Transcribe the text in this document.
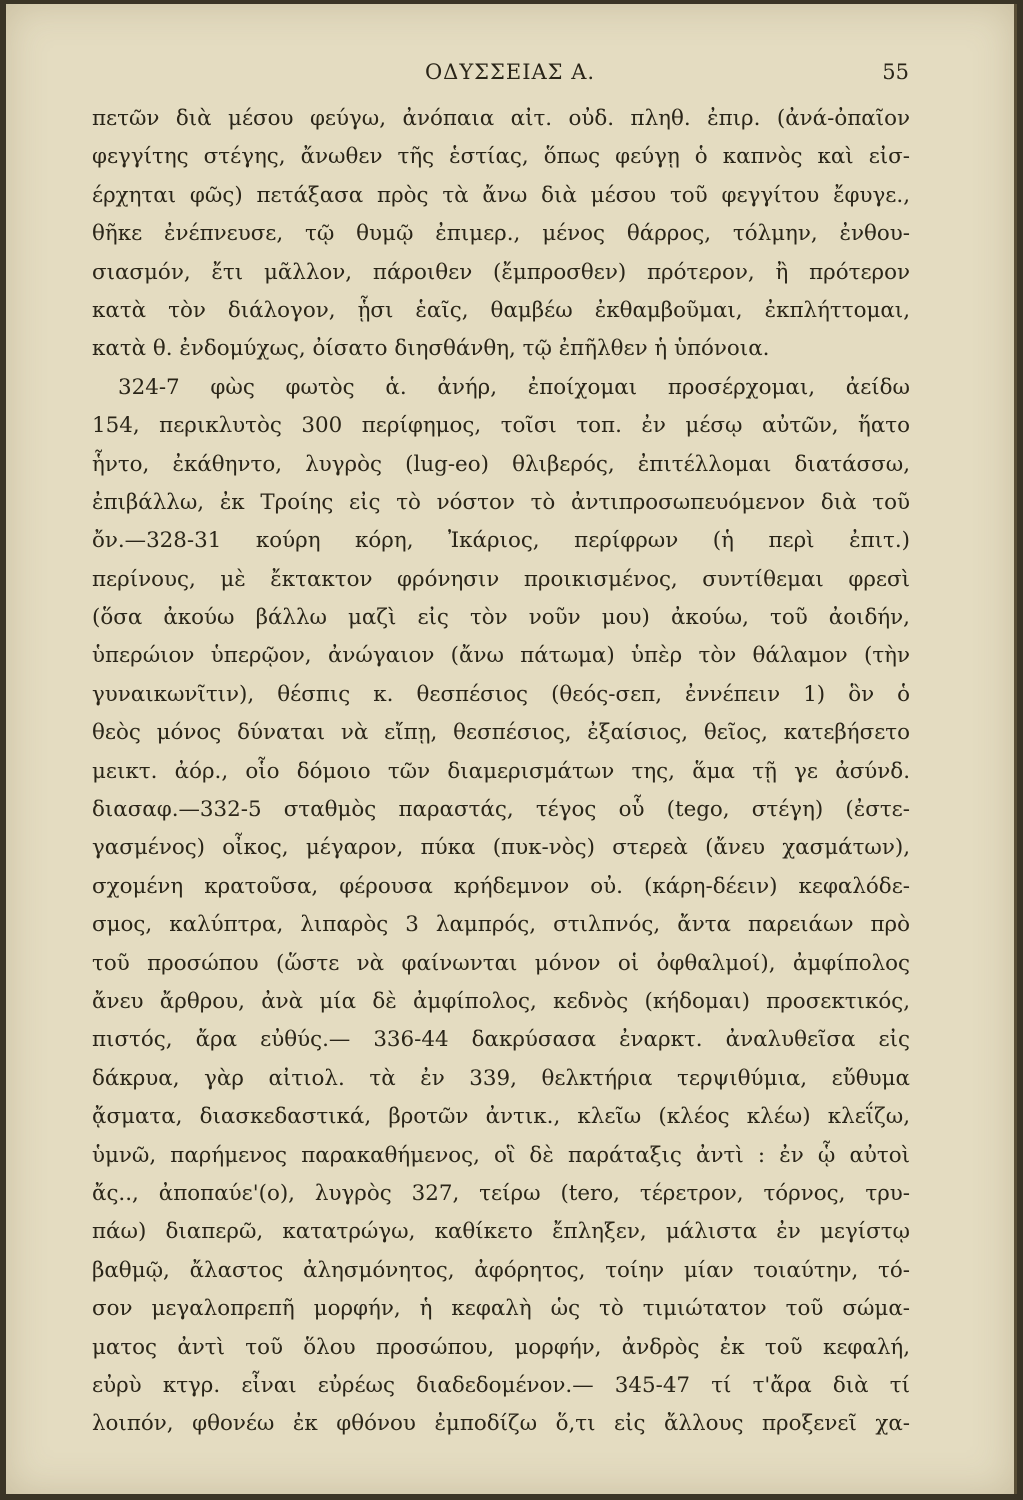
ΟΔΥΣΣΕΙΑΣ Α.	55
πετῶν διὰ μέσου φεύγω, ἀνόπαια αἰτ. οὐδ. πληθ. ἐπιρ. (ἀνά-ὀπαῖον
φεγγίτης στέγης, ἄνωθεν τῆς ἑστίας, ὅπως φεύγῃ ὁ καπνὸς καὶ εἰσ-
έρχηται φῶς) πετάξασα πρὸς τὰ ἄνω διὰ μέσου τοῦ φεγγίτου ἔφυγε.,
θῆκε ἐνέπνευσε, τῷ θυμῷ ἐπιμερ., μένος θάρρος, τόλμην, ἐνθου-
σιασμόν, ἔτι μᾶλλον, πάροιθεν (ἔμπροσθεν) πρότερον, ἢ πρότερον
κατὰ τὸν διάλογον, ᾗσι ἑαῖς, θαμβέω ἐκθαμβοῦμαι, ἐκπλήττομαι,
κατὰ θ. ἐνδομύχως, ὀίσατο διησθάνθη, τῷ ἐπῆλθεν ἡ ὑπόνοια.
324-7 φὼς φωτὸς ἁ. ἀνήρ, ἐποίχομαι προσέρχομαι, ἀείδω
154, περικλυτὸς 300 περίφημος, τοῖσι τοπ. ἐν μέσῳ αὐτῶν, ἥατο
ἧντο, ἐκάθηντο, λυγρὸς (lug-eo) θλιβερός, ἐπιτέλλομαι διατάσσω,
ἐπιβάλλω, ἐκ Τροίης εἰς τὸ νόστον τὸ ἀντιπροσωπευόμενον διὰ τοῦ
ὄν.—328-31 κούρη κόρη, Ἰκάριος, περίφρων (ἡ περὶ ἐπιτ.)
περίνους, μὲ ἔκτακτον φρόνησιν προικισμένος, συντίθεμαι φρεσὶ
(ὅσα ἀκούω βάλλω μαζὶ εἰς τὸν νοῦν μου) ἀκούω, τοῦ ἀοιδήν,
ὑπερώιον ὑπερῷον, ἀνώγαιον (ἄνω πάτωμα) ὑπὲρ τὸν θάλαμον (τὴν
γυναικωνῖτιν), θέσπις κ. θεσπέσιος (θεός-σεπ, ἐννέπειν 1) ὃν ὁ
θεὸς μόνος δύναται νὰ εἴπῃ, θεσπέσιος, ἐξαίσιος, θεῖος, κατεβήσετο
μεικτ. ἀόρ., οἷο δόμοιο τῶν διαμερισμάτων της, ἅμα τῇ γε ἀσύνδ.
διασαφ.—332-5 σταθμὸς παραστάς, τέγος οὗ (tego, στέγη) (ἐστε-
γασμένος) οἶκος, μέγαρον, πύκα (πυκ-νὸς) στερεὰ (ἄνευ χασμάτων),
σχομένη κρατοῦσα, φέρουσα κρήδεμνον οὐ. (κάρη-δέειν) κεφαλόδε-
σμος, καλύπτρα, λιπαρὸς 3 λαμπρός, στιλπνός, ἄντα παρειάων πρὸ
τοῦ προσώπου (ὥστε νὰ φαίνωνται μόνον οἱ ὀφθαλμοί), ἀμφίπολος
ἄνευ ἄρθρου, ἀνὰ μία δὲ ἀμφίπολος, κεδνὸς (κήδομαι) προσεκτικός,
πιστός, ἄρα εὐθύς.— 336-44 δακρύσασα ἐναρκτ. ἀναλυθεῖσα εἰς
δάκρυα, γὰρ αἰτιολ. τὰ ἐν 339, θελκτήρια τερψιθύμια, εὔθυμα
ᾄσματα, διασκεδαστικά, βροτῶν ἀντικ., κλεῖω (κλέος κλέω) κλεΐζω,
ὑμνῶ, παρήμενος παρακαθήμενος, οἳ δὲ παράταξις ἀντὶ : ἐν ᾧ αὐτοὶ
ἄς.., ἀποπαύε'(ο), λυγρὸς 327, τείρω (tero, τέρετρον, τόρνος, τρυ-
πάω) διαπερῶ, κατατρώγω, καθίκετο ἔπληξεν, μάλιστα ἐν μεγίστῳ
βαθμῷ, ἄλαστος ἀλησμόνητος, ἀφόρητος, τοίην μίαν τοιαύτην, τό-
σον μεγαλοπρεπῆ μορφήν, ἡ κεφαλὴ ὡς τὸ τιμιώτατον τοῦ σώμα-
ματος ἀντὶ τοῦ ὅλου προσώπου, μορφήν, ἀνδρὸς ἐκ τοῦ κεφαλή,
εὐρὺ κτγρ. εἶναι εὐρέως διαδεδομένον.— 345-47 τί τ'ἄρα διὰ τί
λοιπόν, φθονέω ἐκ φθόνου ἐμποδίζω ὅ,τι εἰς ἄλλους προξενεῖ χα-
